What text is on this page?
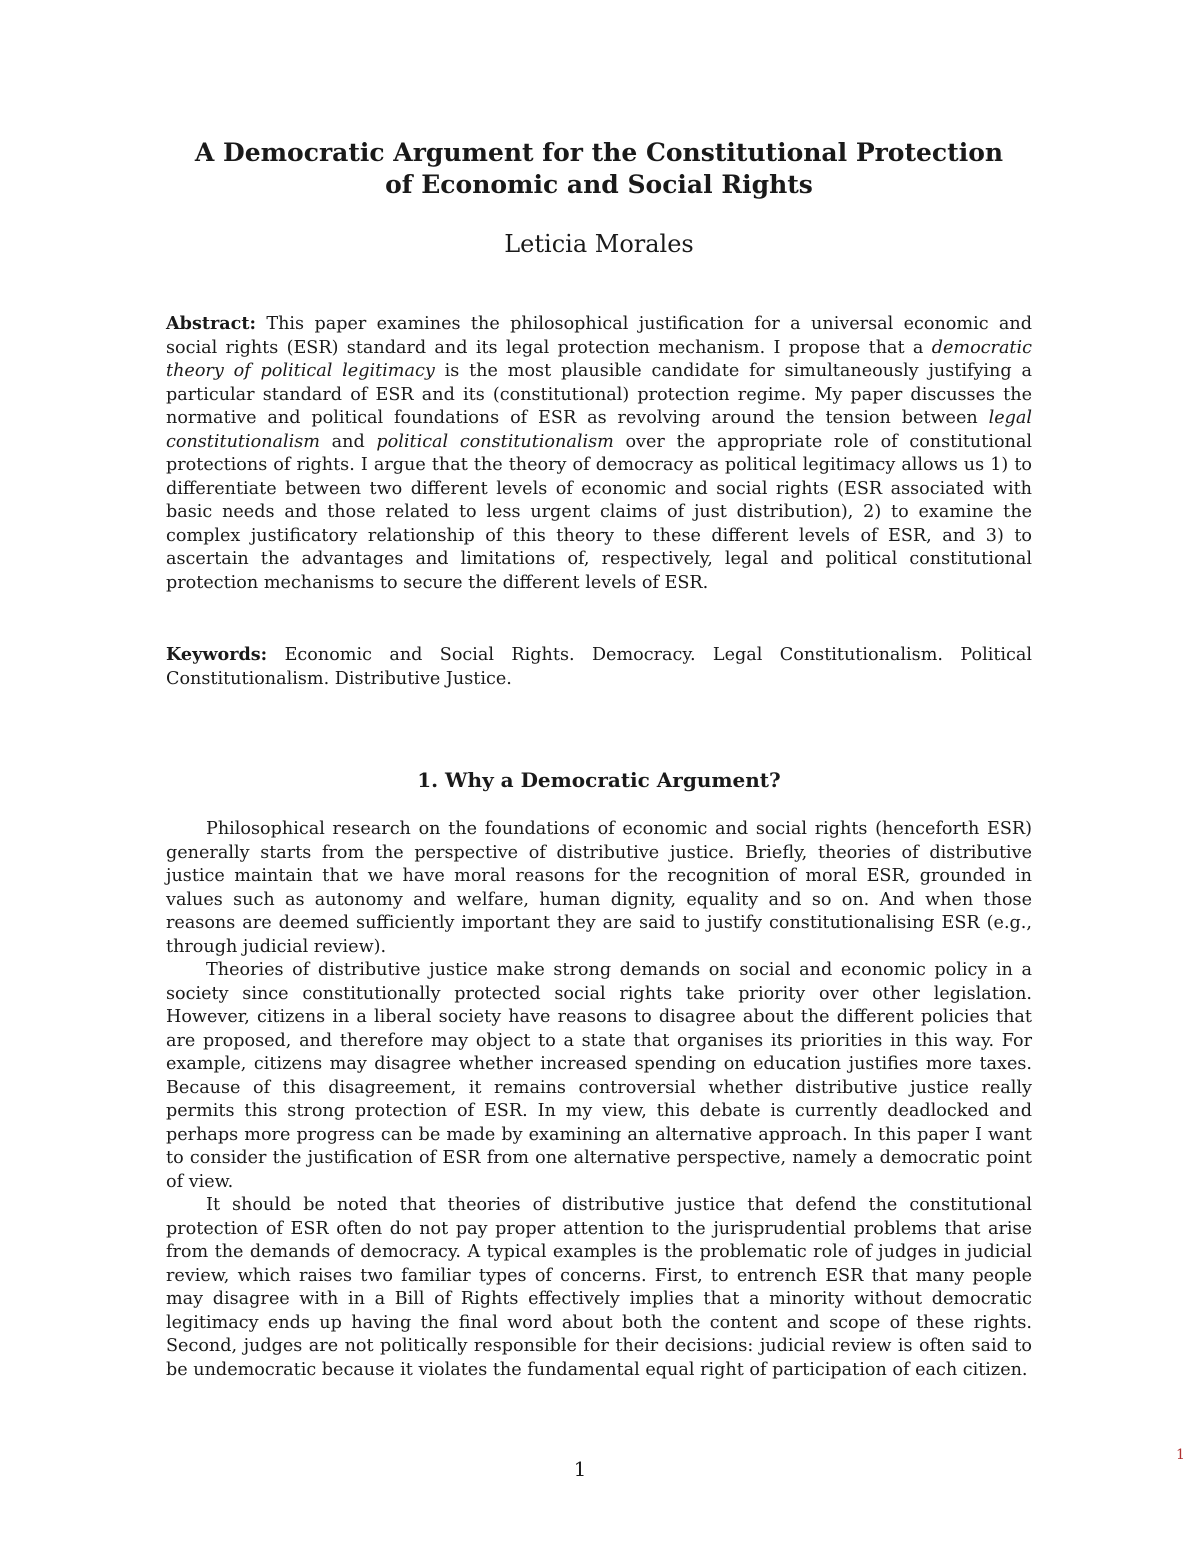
A Democratic Argument for the Constitutional Protection
of Economic and Social Rights
Leticia Morales

Abstract: This paper examines the philosophical justification for a universal economic and social rights (ESR) standard and its legal protection mechanism. I propose that a democratic theory of political legitimacy is the most plausible candidate for simultaneously justifying a particular standard of ESR and its (constitutional) protection regime. My paper discusses the normative and political foundations of ESR as revolving around the tension between legal constitutionalism and political constitutionalism over the appropriate role of constitutional protections of rights. I argue that the theory of democracy as political legitimacy allows us 1) to differentiate between two different levels of economic and social rights (ESR associated with basic needs and those related to less urgent claims of just distribution), 2) to examine the complex justificatory relationship of this theory to these different levels of ESR, and 3) to ascertain the advantages and limitations of, respectively, legal and political constitutional protection mechanisms to secure the different levels of ESR.

Keywords: Economic and Social Rights. Democracy. Legal Constitutionalism. Political Constitutionalism. Distributive Justice.

1. Why a Democratic Argument?

Philosophical research on the foundations of economic and social rights (henceforth ESR) generally starts from the perspective of distributive justice. Briefly, theories of distributive justice maintain that we have moral reasons for the recognition of moral ESR, grounded in values such as autonomy and welfare, human dignity, equality and so on. And when those reasons are deemed sufficiently important they are said to justify constitutionalising ESR (e.g., through judicial review).

Theories of distributive justice make strong demands on social and economic policy in a society since constitutionally protected social rights take priority over other legislation. However, citizens in a liberal society have reasons to disagree about the different policies that are proposed, and therefore may object to a state that organises its priorities in this way. For example, citizens may disagree whether increased spending on education justifies more taxes. Because of this disagreement, it remains controversial whether distributive justice really permits this strong protection of ESR. In my view, this debate is currently deadlocked and perhaps more progress can be made by examining an alternative approach. In this paper I want to consider the justification of ESR from one alternative perspective, namely a democratic point of view.

It should be noted that theories of distributive justice that defend the constitutional protection of ESR often do not pay proper attention to the jurisprudential problems that arise from the demands of democracy. A typical examples is the problematic role of judges in judicial review, which raises two familiar types of concerns. First, to entrench ESR that many people may disagree with in a Bill of Rights effectively implies that a minority without democratic legitimacy ends up having the final word about both the content and scope of these rights. Second, judges are not politically responsible for their decisions: judicial review is often said to be undemocratic because it violates the fundamental equal right of participation of each citizen.

1
1
